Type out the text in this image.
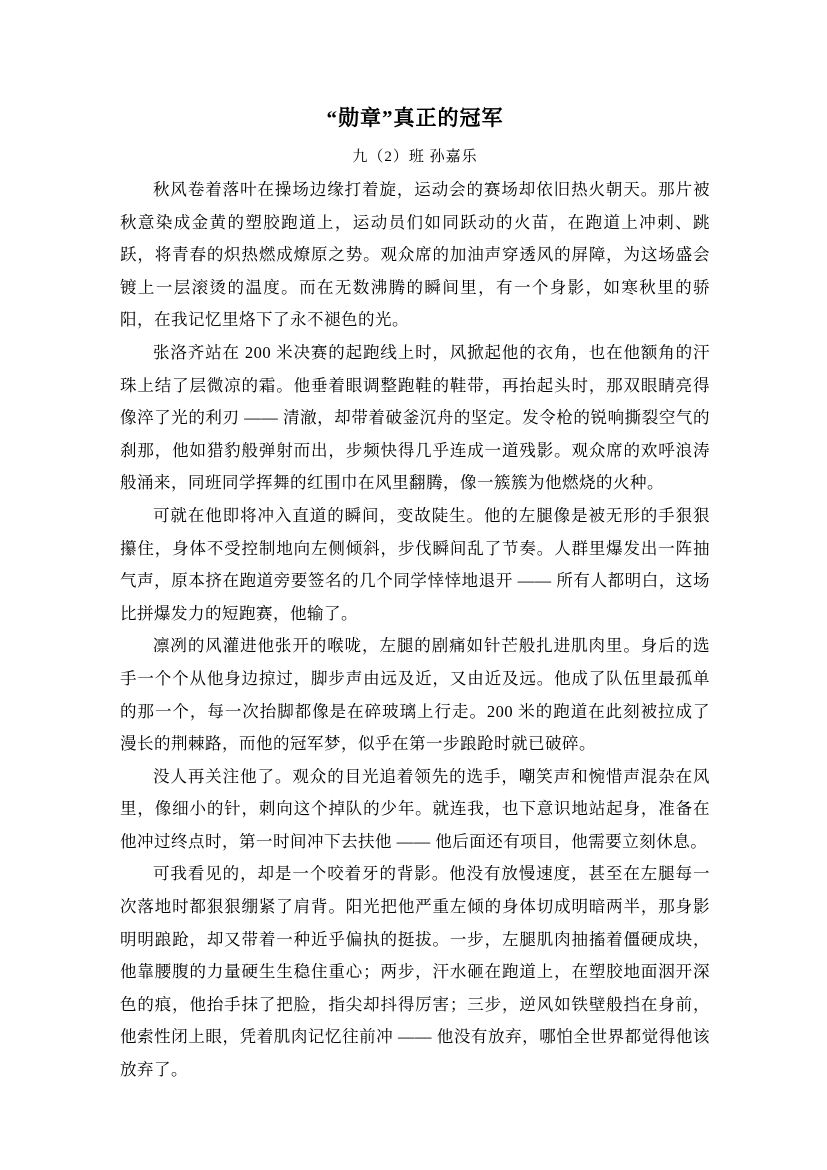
“勋章”真正的冠军
九（2）班 孙嘉乐

秋风卷着落叶在操场边缘打着旋，运动会的赛场却依旧热火朝天。那片被秋意染成金黄的塑胶跑道上，运动员们如同跃动的火苗，在跑道上冲刺、跳跃，将青春的炽热燃成燎原之势。观众席的加油声穿透风的屏障，为这场盛会镀上一层滚烫的温度。而在无数沸腾的瞬间里，有一个身影，如寒秋里的骄阳，在我记忆里烙下了永不褪色的光。

张洛齐站在 200 米决赛的起跑线上时，风掀起他的衣角，也在他额角的汗珠上结了层微凉的霜。他垂着眼调整跑鞋的鞋带，再抬起头时，那双眼睛亮得像淬了光的利刃 —— 清澈，却带着破釜沉舟的坚定。发令枪的锐响撕裂空气的刹那，他如猎豹般弹射而出，步频快得几乎连成一道残影。观众席的欢呼浪涛般涌来，同班同学挥舞的红围巾在风里翻腾，像一簇簇为他燃烧的火种。

可就在他即将冲入直道的瞬间，变故陡生。他的左腿像是被无形的手狠狠攥住，身体不受控制地向左侧倾斜，步伐瞬间乱了节奏。人群里爆发出一阵抽气声，原本挤在跑道旁要签名的几个同学悻悻地退开 —— 所有人都明白，这场比拼爆发力的短跑赛，他输了。

凛冽的风灌进他张开的喉咙，左腿的剧痛如针芒般扎进肌肉里。身后的选手一个个从他身边掠过，脚步声由远及近，又由近及远。他成了队伍里最孤单的那一个，每一次抬脚都像是在碎玻璃上行走。200 米的跑道在此刻被拉成了漫长的荆棘路，而他的冠军梦，似乎在第一步踉跄时就已破碎。

没人再关注他了。观众的目光追着领先的选手，嘲笑声和惋惜声混杂在风里，像细小的针，刺向这个掉队的少年。就连我，也下意识地站起身，准备在他冲过终点时，第一时间冲下去扶他 —— 他后面还有项目，他需要立刻休息。

可我看见的，却是一个咬着牙的背影。他没有放慢速度，甚至在左腿每一次落地时都狠狠绷紧了肩背。阳光把他严重左倾的身体切成明暗两半，那身影明明踉跄，却又带着一种近乎偏执的挺拔。一步，左腿肌肉抽搐着僵硬成块，他靠腰腹的力量硬生生稳住重心；两步，汗水砸在跑道上，在塑胶地面洇开深色的痕，他抬手抹了把脸，指尖却抖得厉害；三步，逆风如铁壁般挡在身前，他索性闭上眼，凭着肌肉记忆往前冲 —— 他没有放弃，哪怕全世界都觉得他该放弃了。
